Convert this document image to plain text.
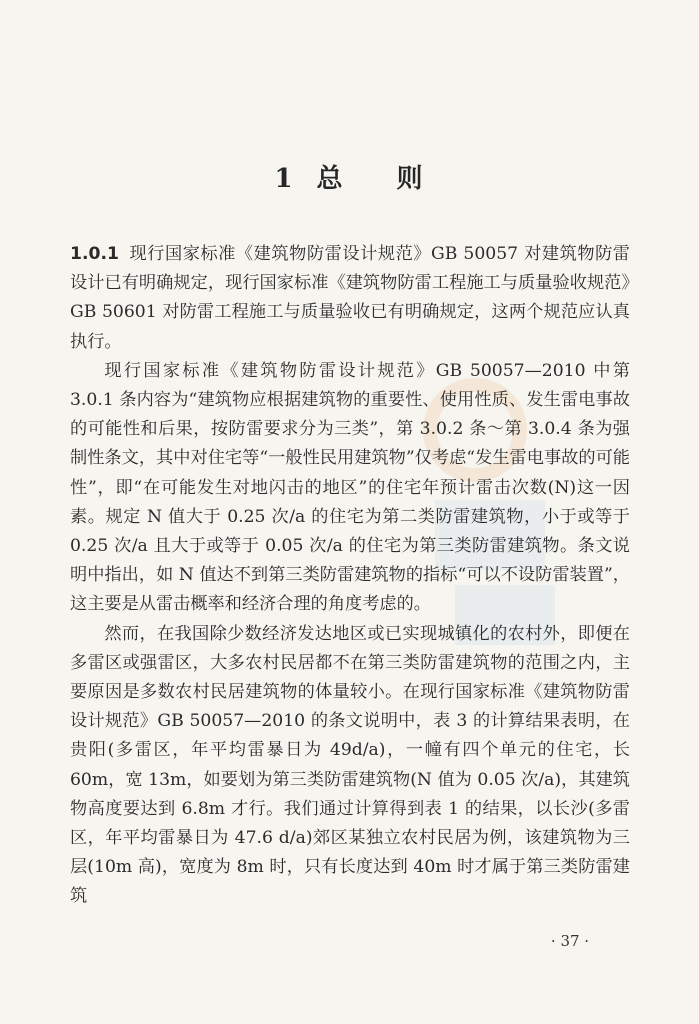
1 总 则

1.0.1 现行国家标准《建筑物防雷设计规范》GB 50057 对建筑物防雷设计已有明确规定，现行国家标准《建筑物防雷工程施工与质量验收规范》GB 50601 对防雷工程施工与质量验收已有明确规定，这两个规范应认真执行。

现行国家标准《建筑物防雷设计规范》GB 50057—2010 中第 3.0.1 条内容为“建筑物应根据建筑物的重要性、使用性质、发生雷电事故的可能性和后果，按防雷要求分为三类”，第 3.0.2 条～第 3.0.4 条为强制性条文，其中对住宅等“一般性民用建筑物”仅考虑“发生雷电事故的可能性”，即“在可能发生对地闪击的地区”的住宅年预计雷击次数(N)这一因素。规定 N 值大于 0.25 次/a 的住宅为第二类防雷建筑物，小于或等于 0.25 次/a 且大于或等于 0.05 次/a 的住宅为第三类防雷建筑物。条文说明中指出，如 N 值达不到第三类防雷建筑物的指标“可以不设防雷装置”，这主要是从雷击概率和经济合理的角度考虑的。

然而，在我国除少数经济发达地区或已实现城镇化的农村外，即便在多雷区或强雷区，大多农村民居都不在第三类防雷建筑物的范围之内，主要原因是多数农村民居建筑物的体量较小。在现行国家标准《建筑物防雷设计规范》GB 50057—2010 的条文说明中，表 3 的计算结果表明，在贵阳(多雷区，年平均雷暴日为 49d/a)，一幢有四个单元的住宅，长 60m，宽 13m，如要划为第三类防雷建筑物(N 值为 0.05 次/a)，其建筑物高度要达到 6.8m 才行。我们通过计算得到表 1 的结果，以长沙(多雷区，年平均雷暴日为 47.6 d/a)郊区某独立农村民居为例，该建筑物为三层(10m 高)，宽度为 8m 时，只有长度达到 40m 时才属于第三类防雷建筑

· 37 ·
